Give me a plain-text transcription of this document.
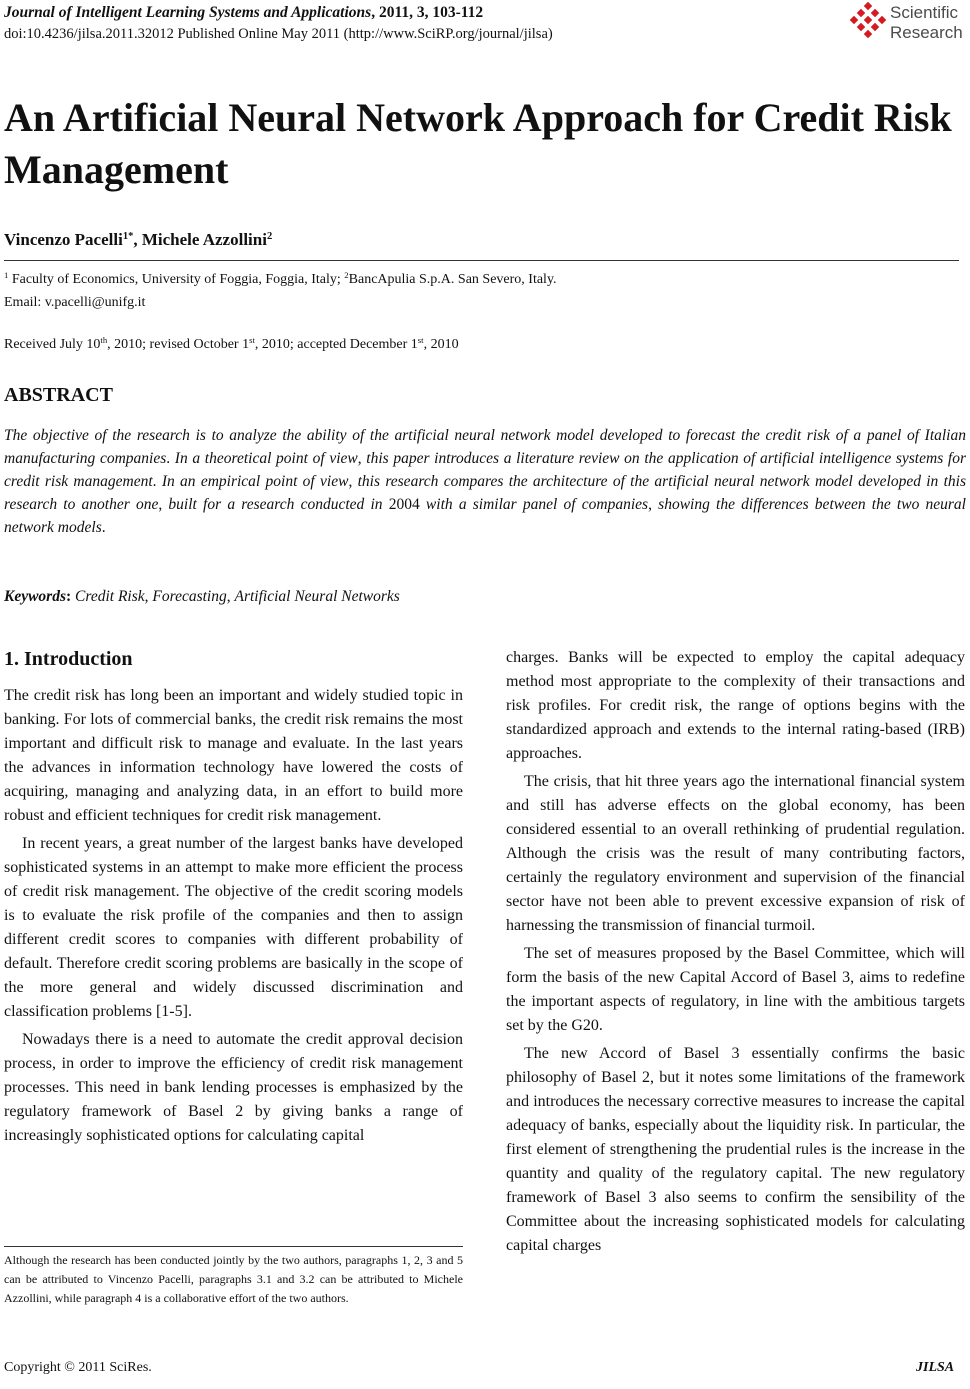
Journal of Intelligent Learning Systems and Applications, 2011, 3, 103-112
doi:10.4236/jilsa.2011.32012 Published Online May 2011 (http://www.SciRP.org/journal/jilsa)
Scientific
Research
An Artificial Neural Network Approach for Credit Risk Management
Vincenzo Pacelli$^{1*}$, Michele Azzollini$^2$
$^1$ Faculty of Economics, University of Foggia, Foggia, Italy; $^2$BancApulia S.p.A. San Severo, Italy.
Email: v.pacelli@unifg.it
Received July 10th, 2010; revised October 1st, 2010; accepted December 1st, 2010
ABSTRACT
The objective of the research is to analyze the ability of the artificial neural network model developed to forecast the credit risk of a panel of Italian manufacturing companies. In a theoretical point of view, this paper introduces a literature review on the application of artificial intelligence systems for credit risk management. In an empirical point of view, this research compares the architecture of the artificial neural network model developed in this research to another one, built for a research conducted in 2004 with a similar panel of companies, showing the differences between the two neural network models.
Keywords: Credit Risk, Forecasting, Artificial Neural Networks
1. Introduction

The credit risk has long been an important and widely studied topic in banking. For lots of commercial banks, the credit risk remains the most important and difficult risk to manage and evaluate. In the last years the advances in information technology have lowered the costs of acquiring, managing and analyzing data, in an effort to build more robust and efficient techniques for credit risk management.

In recent years, a great number of the largest banks have developed sophisticated systems in an attempt to make more efficient the process of credit risk management. The objective of the credit scoring models is to evaluate the risk profile of the companies and then to assign different credit scores to companies with different probability of default. Therefore credit scoring problems are basically in the scope of the more general and widely discussed discrimination and classification problems [1-5].

Nowadays there is a need to automate the credit approval decision process, in order to improve the efficiency of credit risk management processes. This need in bank lending processes is emphasized by the regulatory framework of Basel 2 by giving banks a range of increasingly sophisticated options for calculating capital

charges. Banks will be expected to employ the capital adequacy method most appropriate to the complexity of their transactions and risk profiles. For credit risk, the range of options begins with the standardized approach and extends to the internal rating-based (IRB) approaches.

The crisis, that hit three years ago the international financial system and still has adverse effects on the global economy, has been considered essential to an overall rethinking of prudential regulation. Although the crisis was the result of many contributing factors, certainly the regulatory environment and supervision of the financial sector have not been able to prevent excessive expansion of risk of harnessing the transmission of financial turmoil.

The set of measures proposed by the Basel Committee, which will form the basis of the new Capital Accord of Basel 3, aims to redefine the important aspects of regulatory, in line with the ambitious targets set by the G20.

The new Accord of Basel 3 essentially confirms the basic philosophy of Basel 2, but it notes some limitations of the framework and introduces the necessary corrective measures to increase the capital adequacy of banks, especially about the liquidity risk. In particular, the first element of strengthening the prudential rules is the increase in the quantity and quality of the regulatory capital. The new regulatory framework of Basel 3 also seems to confirm the sensibility of the Committee about the increasing sophisticated models for calculating capital charges

Although the research has been conducted jointly by the two authors, paragraphs 1, 2, 3 and 5 can be attributed to Vincenzo Pacelli, paragraphs 3.1 and 3.2 can be attributed to Michele Azzollini, while paragraph 4 is a collaborative effort of the two authors.
Copyright © 2011 SciRes.	JILSA
